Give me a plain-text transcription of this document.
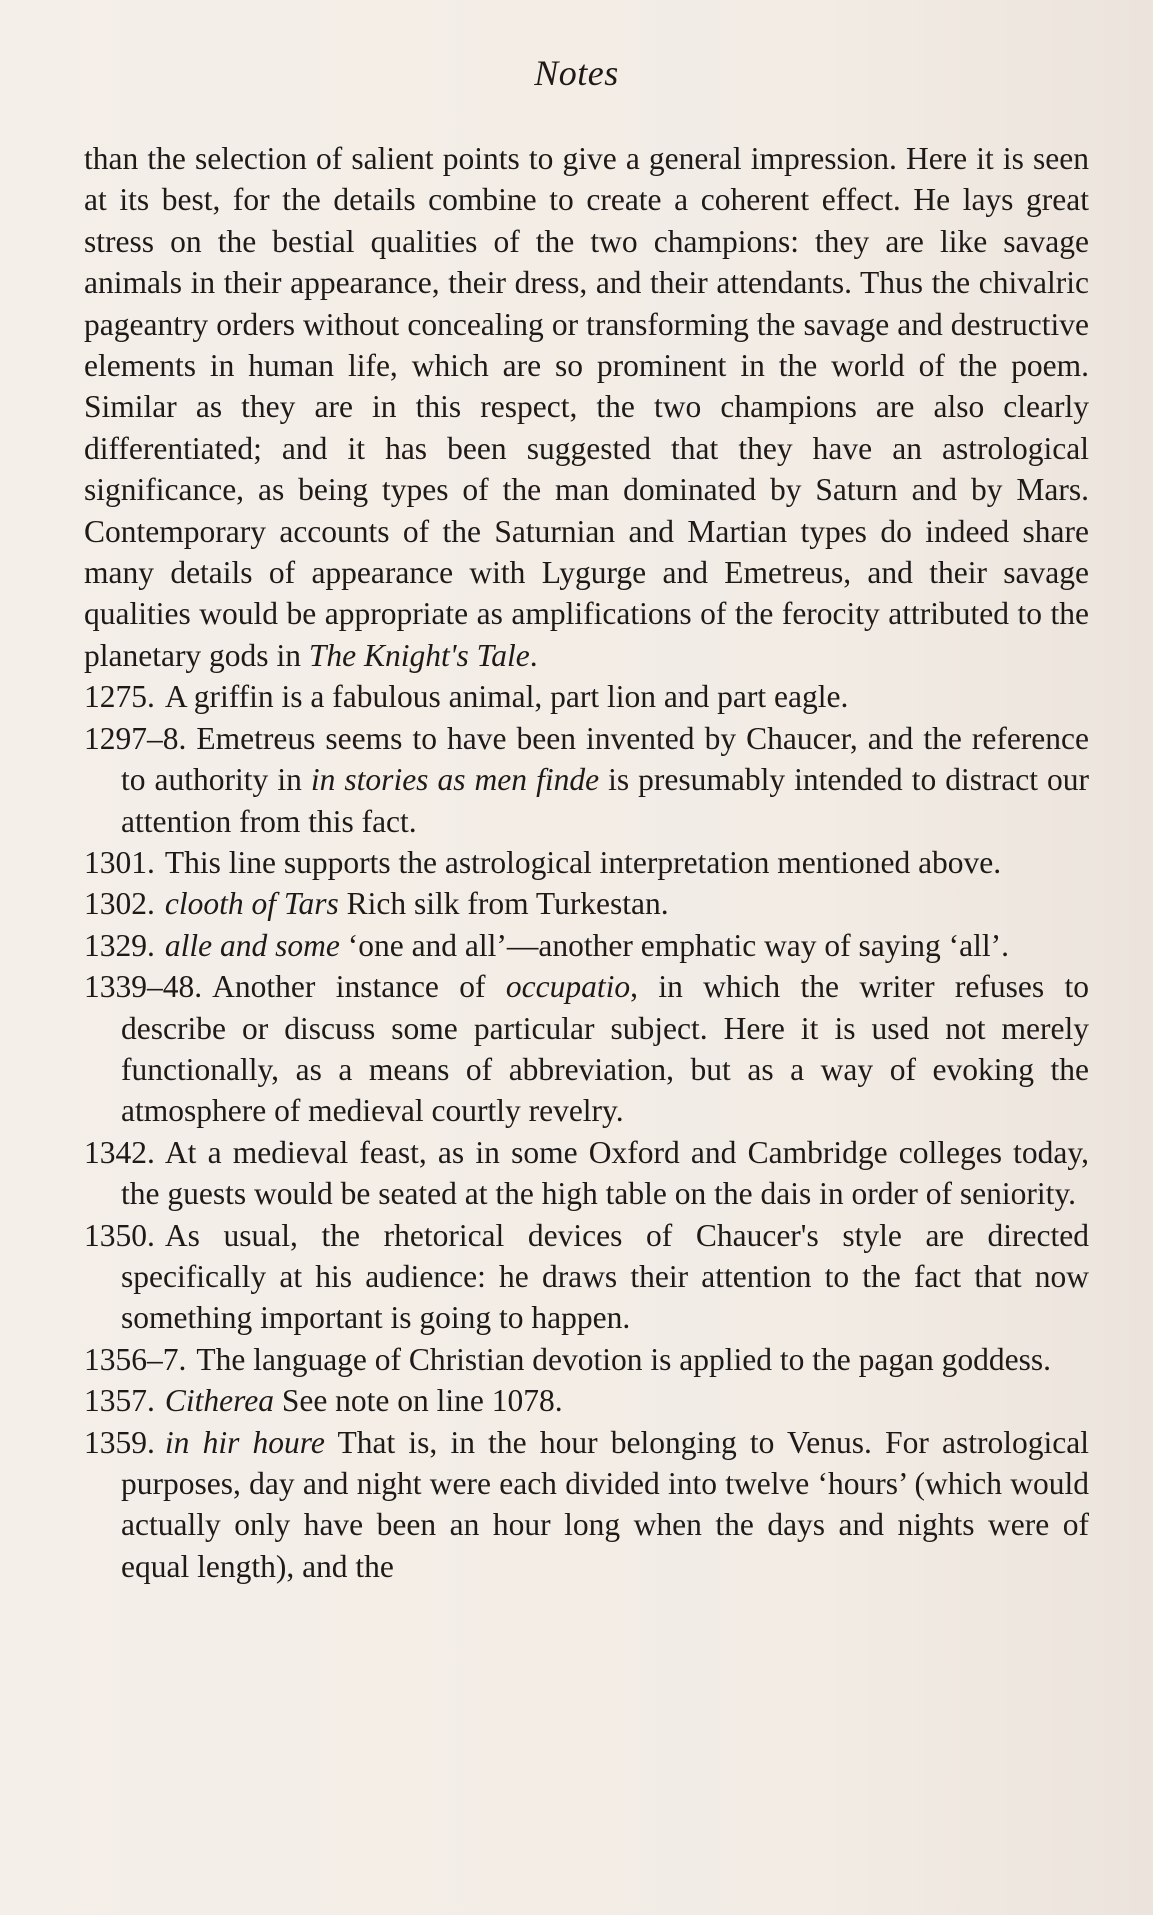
Notes

than the selection of salient points to give a general impression. Here it is seen at its best, for the details combine to create a coherent effect. He lays great stress on the bestial qualities of the two champions: they are like savage animals in their appearance, their dress, and their attendants. Thus the chivalric pageantry orders without concealing or transforming the savage and destructive elements in human life, which are so prominent in the world of the poem. Similar as they are in this respect, the two champions are also clearly differentiated; and it has been suggested that they have an astrological significance, as being types of the man dominated by Saturn and by Mars. Contemporary accounts of the Saturnian and Martian types do indeed share many details of appearance with Lygurge and Emetreus, and their savage qualities would be appropriate as amplifications of the ferocity attributed to the planetary gods in The Knight's Tale.

1275. A griffin is a fabulous animal, part lion and part eagle.

1297–8. Emetreus seems to have been invented by Chaucer, and the reference to authority in in stories as men finde is presumably intended to distract our attention from this fact.

1301. This line supports the astrological interpretation mentioned above.

1302. clooth of Tars Rich silk from Turkestan.

1329. alle and some ‘one and all’—another emphatic way of saying ‘all’.

1339–48. Another instance of occupatio, in which the writer refuses to describe or discuss some particular subject. Here it is used not merely functionally, as a means of abbreviation, but as a way of evoking the atmosphere of medieval courtly revelry.

1342. At a medieval feast, as in some Oxford and Cambridge colleges today, the guests would be seated at the high table on the dais in order of seniority.

1350. As usual, the rhetorical devices of Chaucer's style are directed specifically at his audience: he draws their attention to the fact that now something important is going to happen.

1356–7. The language of Christian devotion is applied to the pagan goddess.

1357. Citherea See note on line 1078.

1359. in hir houre That is, in the hour belonging to Venus. For astrological purposes, day and night were each divided into twelve ‘hours’ (which would actually only have been an hour long when the days and nights were of equal length), and the
